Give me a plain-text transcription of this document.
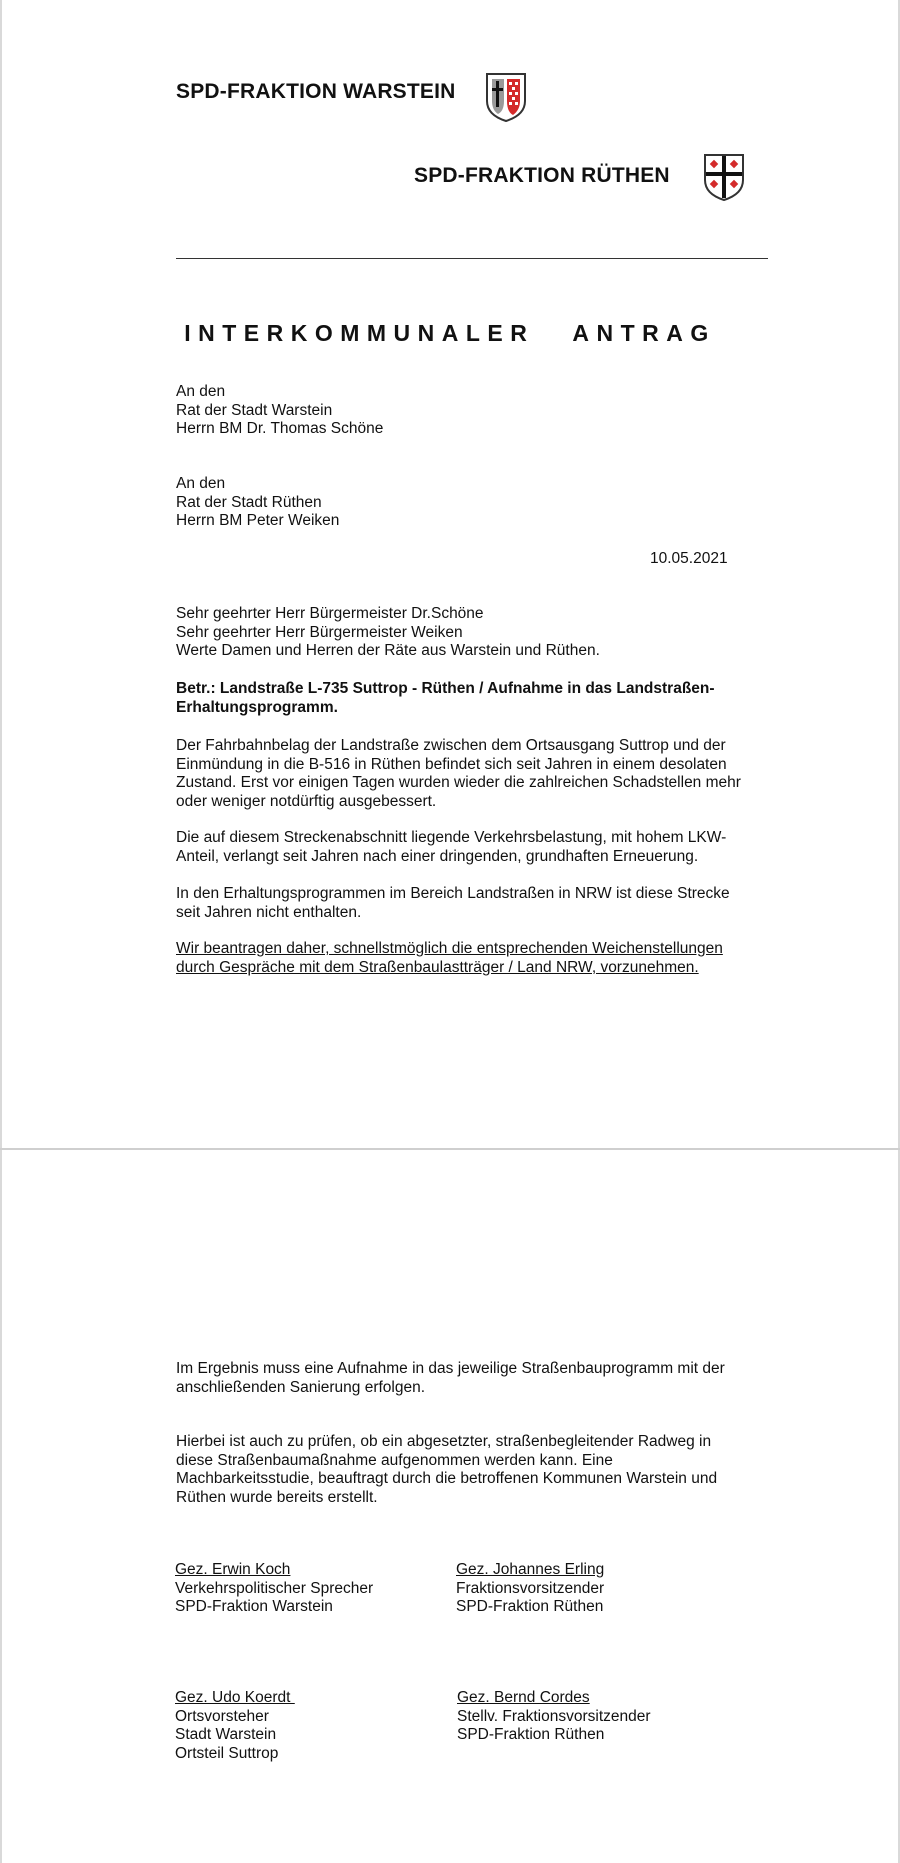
SPD-FRAKTION WARSTEIN
SPD-FRAKTION RÜTHEN
INTERKOMMUNALER ANTRAG
An den
Rat der Stadt Warstein
Herrn BM Dr. Thomas Schöne
An den
Rat der Stadt Rüthen
Herrn BM Peter Weiken
10.05.2021
Sehr geehrter Herr Bürgermeister Dr.Schöne
Sehr geehrter Herr Bürgermeister Weiken
Werte Damen und Herren der Räte aus Warstein und Rüthen.
Betr.: Landstraße L-735 Suttrop - Rüthen / Aufnahme in das Landstraßen-
Erhaltungsprogramm.
Der Fahrbahnbelag der Landstraße zwischen dem Ortsausgang Suttrop und der
Einmündung in die B-516 in Rüthen befindet sich seit Jahren in einem desolaten
Zustand. Erst vor einigen Tagen wurden wieder die zahlreichen Schadstellen mehr
oder weniger notdürftig ausgebessert.
Die auf diesem Streckenabschnitt liegende Verkehrsbelastung, mit hohem LKW-
Anteil, verlangt seit Jahren nach einer dringenden, grundhaften Erneuerung.
In den Erhaltungsprogrammen im Bereich Landstraßen in NRW ist diese Strecke
seit Jahren nicht enthalten.
Wir beantragen daher, schnellstmöglich die entsprechenden Weichenstellungen
durch Gespräche mit dem Straßenbaulastträger / Land NRW, vorzunehmen.
Im Ergebnis muss eine Aufnahme in das jeweilige Straßenbauprogramm mit der
anschließenden Sanierung erfolgen.
Hierbei ist auch zu prüfen, ob ein abgesetzter, straßenbegleitender Radweg in
diese Straßenbaumaßnahme aufgenommen werden kann. Eine
Machbarkeitsstudie, beauftragt durch die betroffenen Kommunen Warstein und
Rüthen wurde bereits erstellt.
Gez. Erwin Koch
Verkehrspolitischer Sprecher
SPD-Fraktion Warstein
Gez. Johannes Erling
Fraktionsvorsitzender
SPD-Fraktion Rüthen
Gez. Udo Koerdt
Ortsvorsteher
Stadt Warstein
Ortsteil Suttrop
Gez. Bernd Cordes
Stellv. Fraktionsvorsitzender
SPD-Fraktion Rüthen
